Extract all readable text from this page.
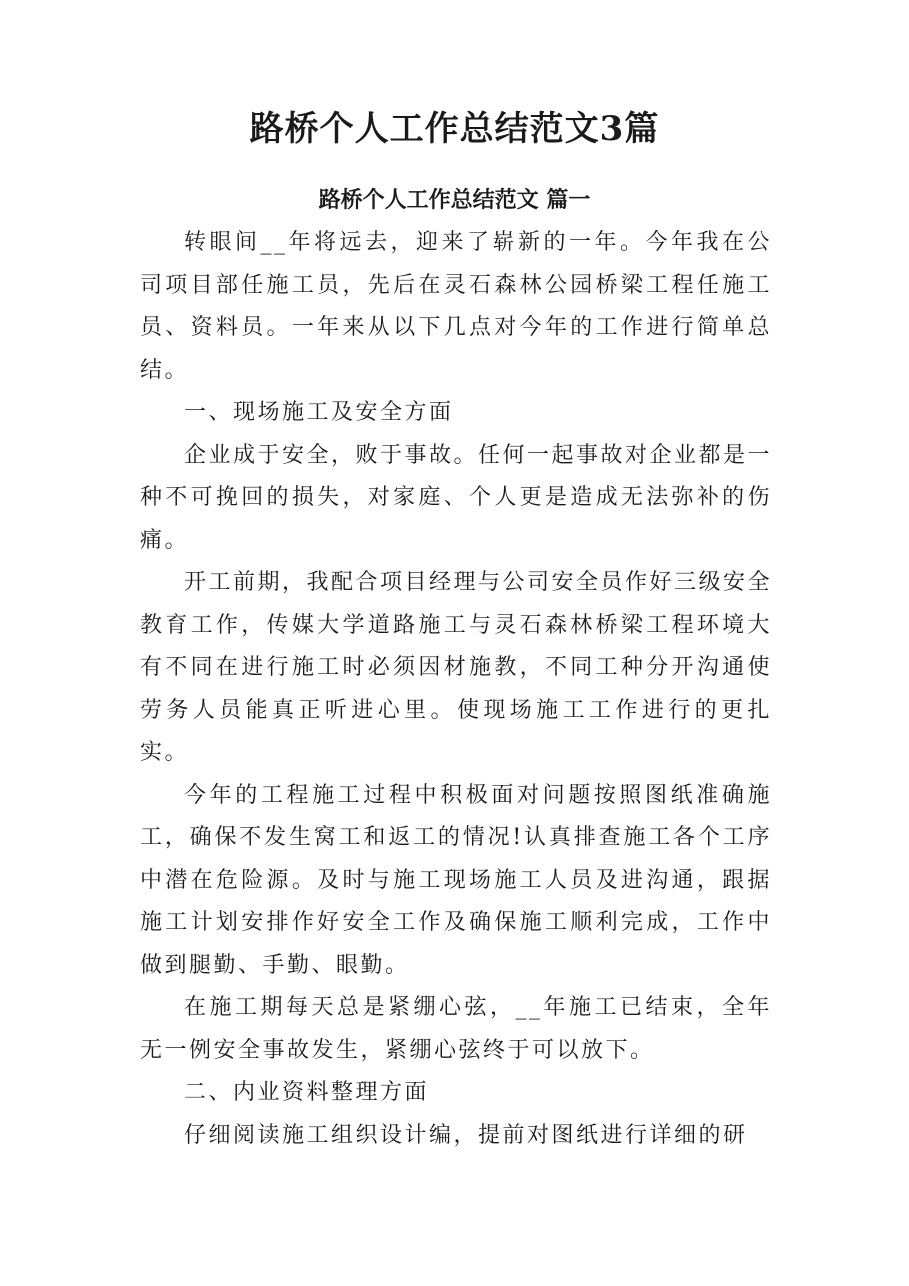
路桥个人工作总结范文3篇
路桥个人工作总结范文 篇一

转眼间__年将远去，迎来了崭新的一年。今年我在公司项目部任施工员，先后在灵石森林公园桥梁工程任施工员、资料员。一年来从以下几点对今年的工作进行简单总结。

一、现场施工及安全方面

企业成于安全，败于事故。任何一起事故对企业都是一种不可挽回的损失，对家庭、个人更是造成无法弥补的伤痛。

开工前期，我配合项目经理与公司安全员作好三级安全教育工作，传媒大学道路施工与灵石森林桥梁工程环境大有不同在进行施工时必须因材施教，不同工种分开沟通使劳务人员能真正听进心里。使现场施工工作进行的更扎实。

今年的工程施工过程中积极面对问题按照图纸准确施工，确保不发生窝工和返工的情况!认真排查施工各个工序中潜在危险源。及时与施工现场施工人员及进沟通，跟据施工计划安排作好安全工作及确保施工顺利完成，工作中做到腿勤、手勤、眼勤。

在施工期每天总是紧绷心弦，__年施工已结束，全年无一例安全事故发生，紧绷心弦终于可以放下。

二、内业资料整理方面

仔细阅读施工组织设计编，提前对图纸进行详细的研
